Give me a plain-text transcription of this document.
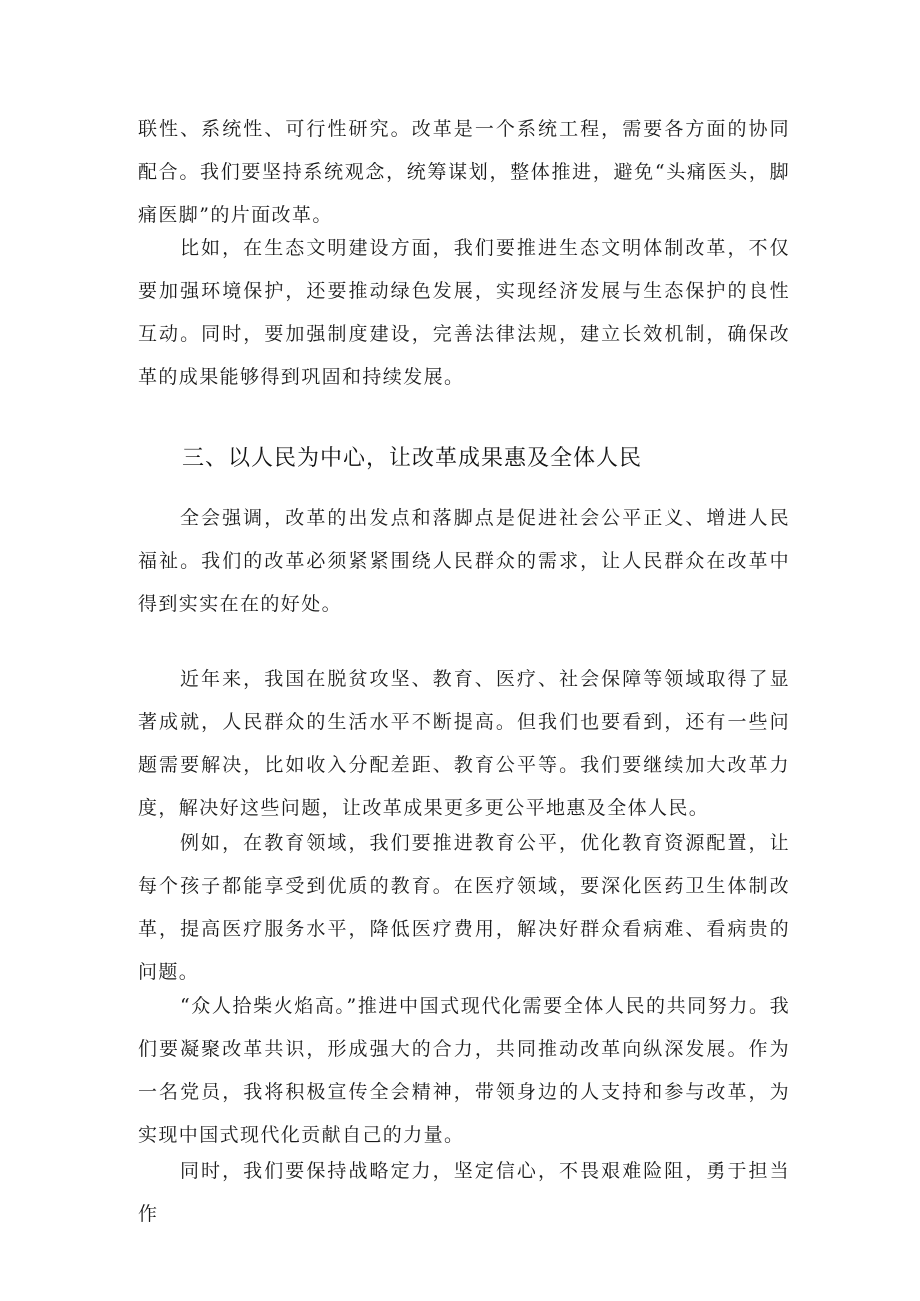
联性、系统性、可行性研究。改革是一个系统工程，需要各方面的协同配合。我们要坚持系统观念，统筹谋划，整体推进，避免“头痛医头，脚痛医脚”的片面改革。

比如，在生态文明建设方面，我们要推进生态文明体制改革，不仅要加强环境保护，还要推动绿色发展，实现经济发展与生态保护的良性互动。同时，要加强制度建设，完善法律法规，建立长效机制，确保改革的成果能够得到巩固和持续发展。

三、以人民为中心，让改革成果惠及全体人民

全会强调，改革的出发点和落脚点是促进社会公平正义、增进人民福祉。我们的改革必须紧紧围绕人民群众的需求，让人民群众在改革中得到实实在在的好处。

近年来，我国在脱贫攻坚、教育、医疗、社会保障等领域取得了显著成就，人民群众的生活水平不断提高。但我们也要看到，还有一些问题需要解决，比如收入分配差距、教育公平等。我们要继续加大改革力度，解决好这些问题，让改革成果更多更公平地惠及全体人民。

例如，在教育领域，我们要推进教育公平，优化教育资源配置，让每个孩子都能享受到优质的教育。在医疗领域，要深化医药卫生体制改革，提高医疗服务水平，降低医疗费用，解决好群众看病难、看病贵的问题。

“众人拾柴火焰高。”推进中国式现代化需要全体人民的共同努力。我们要凝聚改革共识，形成强大的合力，共同推动改革向纵深发展。作为一名党员，我将积极宣传全会精神，带领身边的人支持和参与改革，为实现中国式现代化贡献自己的力量。

同时，我们要保持战略定力，坚定信心，不畏艰难险阻，勇于担当作
